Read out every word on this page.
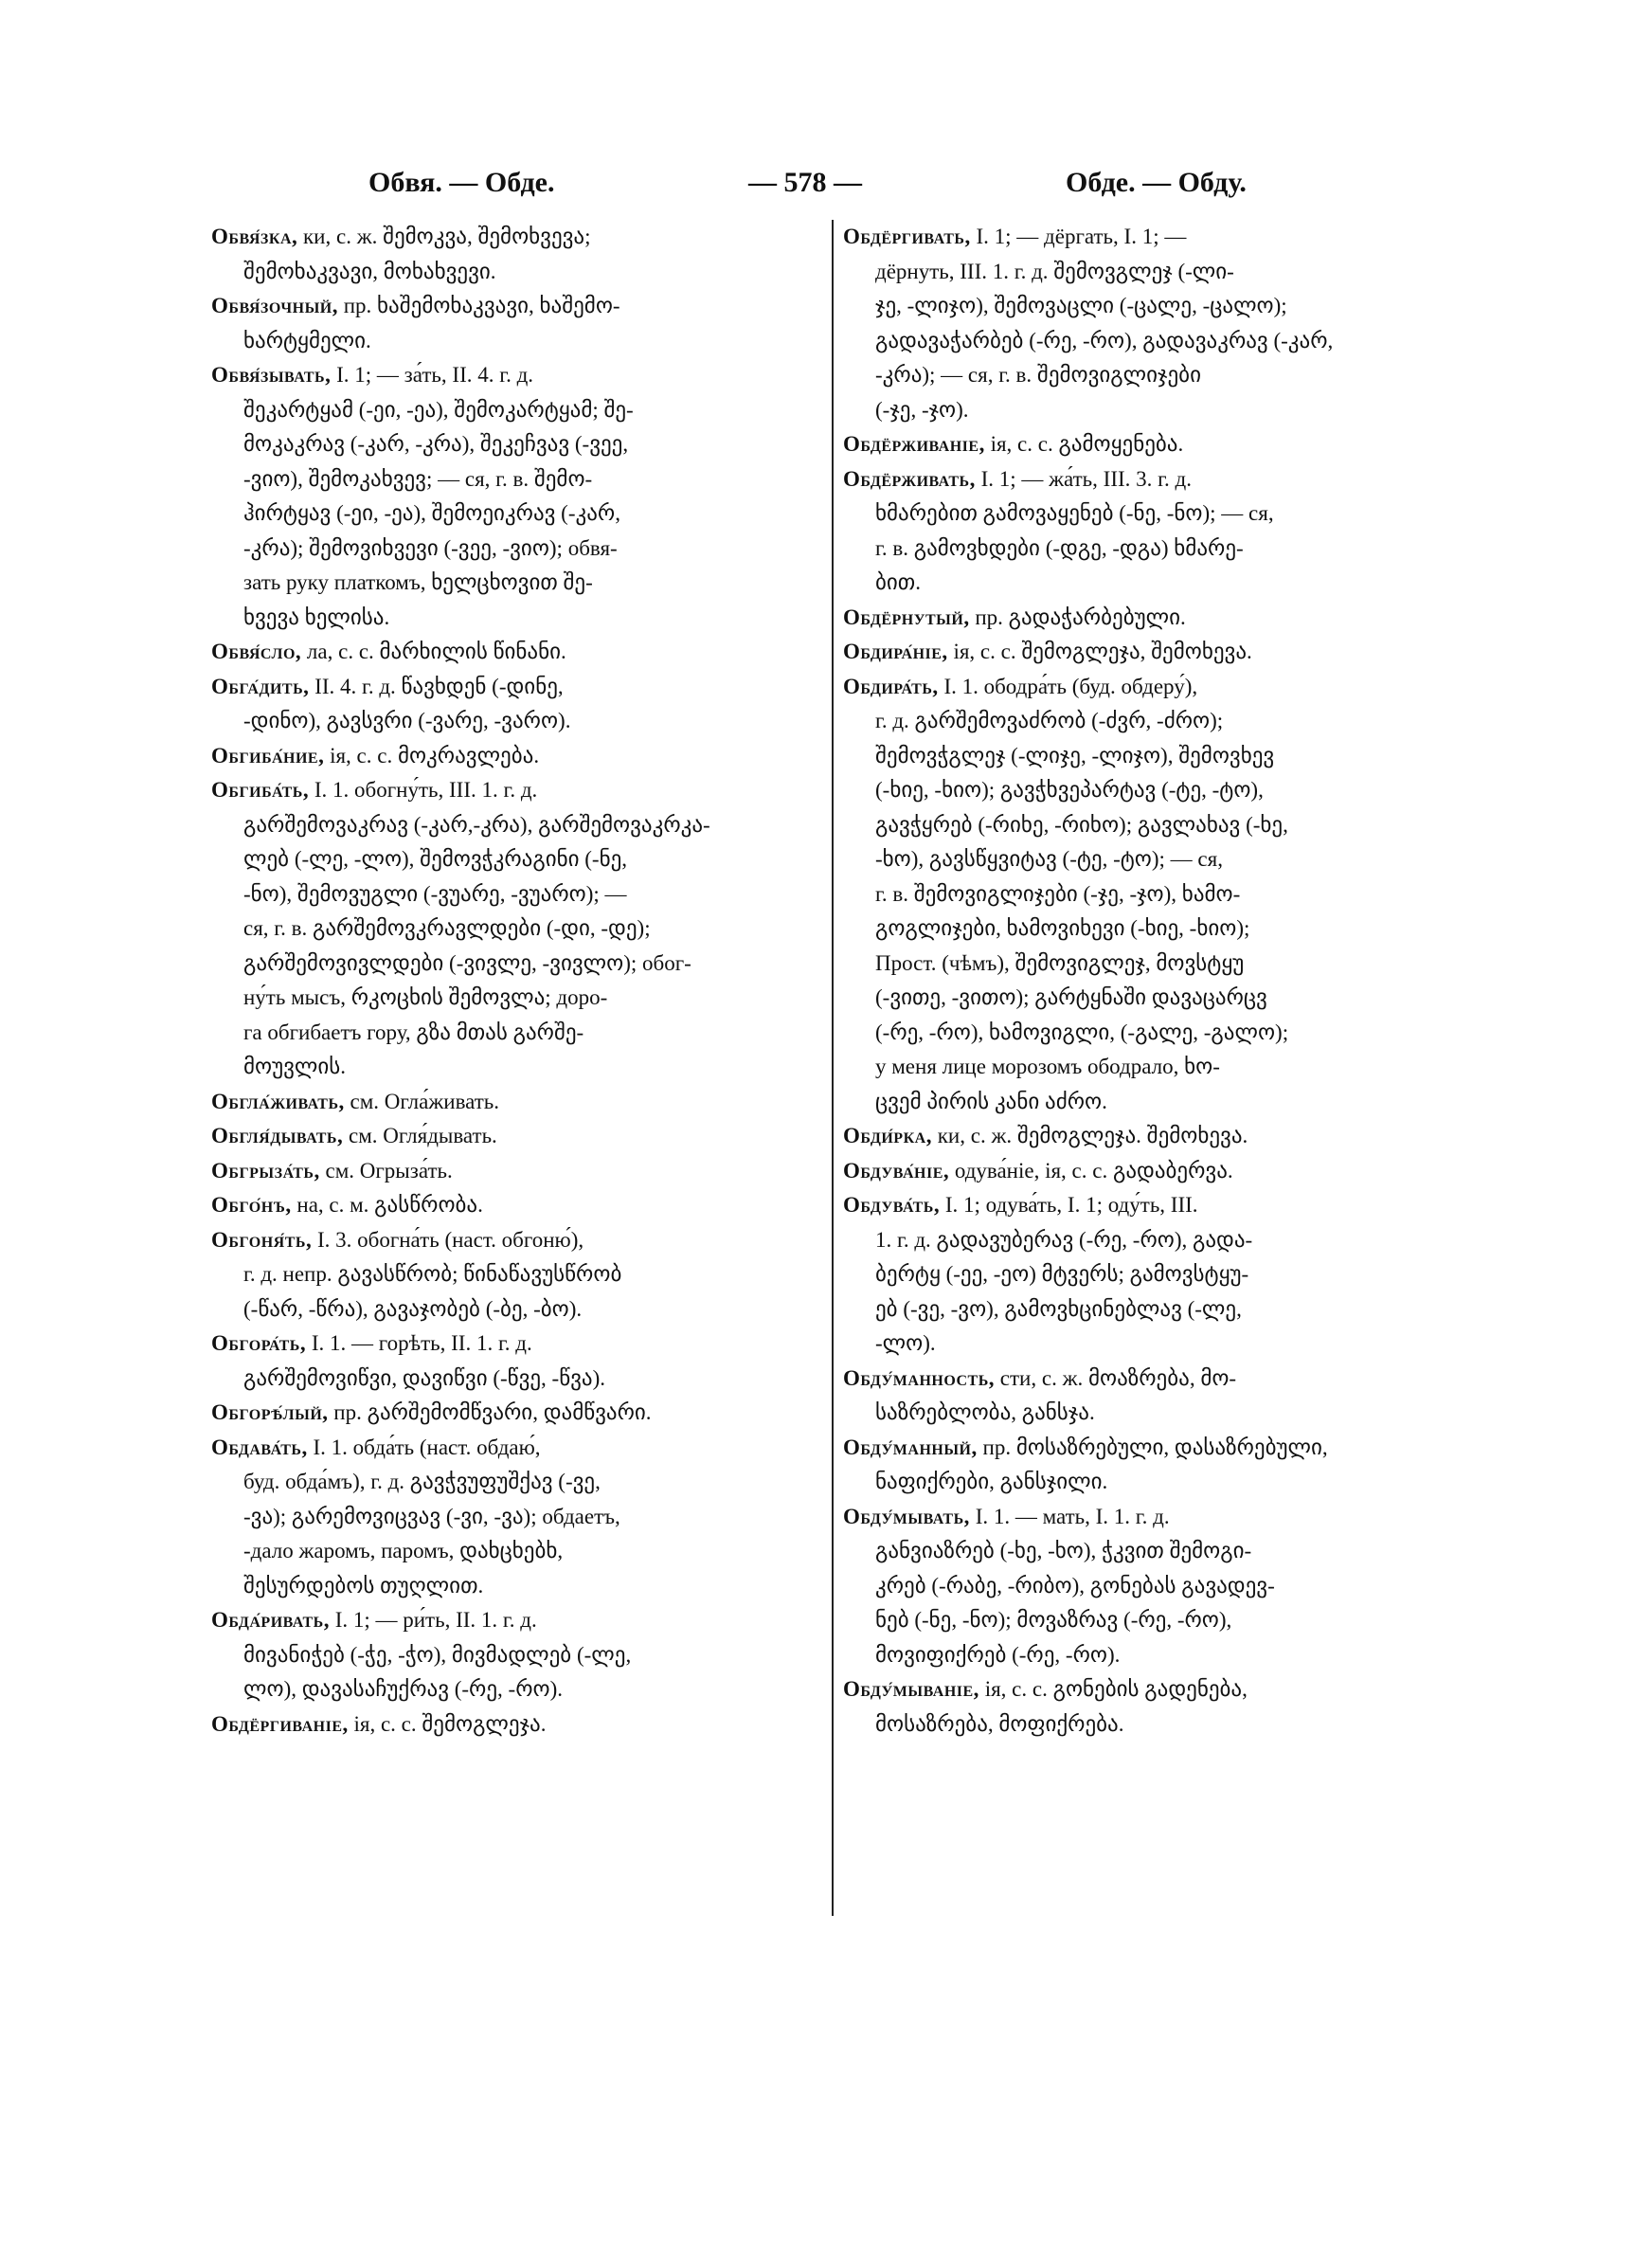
Обвя. — Обде.	— 578 —	Обде. — Обду.

Обвя́зка, ки, с. ж. შემოკვა, შემოხვევა;
შემოხაკვავი, მოხახვევი.

Обвя́зочный, пр. ხაშემოხაკვავი, ხაშემო-
ხარტყმელი.

Обвя́зывать, I. 1; — за́ть, II. 4. г. д.
შეკარტყამ (-ეი, -ეა), შემოკარტყამ; შე-
მოკაკრავ (-კარ, -კრა), შეკეჩვავ (-ვეე,
-ვიო), შემოკახვევ; — ся, г. в. შემო-
ჰირტყავ (-ეი, -ეა), შემოეიკრავ (-კარ,
-კრა); შემოვიხვევი (-ვეე, -ვიო); обвя-
зать руку платкомъ, ხელცხოვით შე-
ხვევა ხელისა.

Обвя́сло, ла, с. с. მარხილის წინანი.

Обга́дить, II. 4. г. д. წავხდენ (-დინე,
-დინო), გავსვრი (-ვარე, -ვარო).

Обгиба́ние, ія, с. с. მოკრავლება.

Обгиба́ть, I. 1. обогну́ть, III. 1. г. д.
გარშემოვაკრავ (-კარ,-კრა), გარშემოვაკრკა-
ლებ (-ლე, -ლო), შემოვჭკრაგინი (-ნე,
-ნო), შემოვუგლი (-ვუარე, -ვუარო); —
ся, г. в. გარშემოვკრავლდები (-დი, -დე);
გარშემოვივლდები (-ვივლე, -ვივლო); обог-
ну́ть мысъ, რკოცხის შემოვლა; доро-
га обгибаетъ гору, გზა მთას გარშე-
მოუვლის.

Обгла́живать, см. Огла́живать.

Обгля́дывать, см. Огля́дывать.

Обгрыза́ть, см. Огрыза́ть.

Обго́нъ, на, с. м. გასწრობა.

Обгоня́ть, I. 3. обогна́ть (наст. обгоню́),
г. д. непр. გავასწრობ; წინაწავუსწრობ
(-წარ, -წრა), გავაჯობებ (-ბე, -ბო).

Обгора́ть, I. 1. — горѣть, II. 1. г. д.
გარშემოვიწვი, დავიწვი (-წვე, -წვა).

Обгорѣ́лый, пр. გარშემომწვარი, დამწვარი.

Обдава́ть, I. 1. обда́ть (наст. обдаю́,
буд. обда́мъ), г. д. გავჭვუფუშქავ (-ვე,
-ვა); გარემოვიცვავ (-ვი, -ვა); обдаетъ,
-дало жаромъ, паромъ, დახცხებხ,
შესურდებოს თუღლით.

Обда́ривать, I. 1; — ри́ть, II. 1. г. д.
მივანიჭებ (-ჭე, -ჭო), მივმადლებ (-ლე,
ლო), დავასაჩუქრავ (-რე, -რო).

Обдёргиванiе, ія, с. с. შემოგლეჯა.

Обдёргивать, I. 1; — дёргать, I. 1; —
дёрнуть, III. 1. г. д. შემოვგლეჯ (-ლი-
ჯე, -ლიჯო), შემოვაცლი (-ცალე, -ცალო);
გადავაჭარბებ (-რე, -რო), გადავაკრავ (-კარ,
-კრა); — ся, г. в. შემოვიგლიჯები
(-ჯე, -ჯო).

Обдёрживанiе, ія, с. с. გამოყენება.

Обдёрживать, I. 1; — жа́ть, III. 3. г. д.
ხმარებით გამოვაყენებ (-ნე, -ნო); — ся,
г. в. გამოვხდები (-დგე, -დგა) ხმარე-
ბით.

Обдёрнутый, пр. გადაჭარბებული.

Обдира́нiе, ія, с. с. შემოგლეჯა, შემოხევა.

Обдира́ть, I. 1. ободра́ть (буд. обдеру́),
г. д. გარშემოვაძრობ (-ძვრ, -ძრო);
შემოვჭგლეჯ (-ლიჯე, -ლიჯო), შემოვხევ
(-ხიე, -ხიო); გავჭხვეპარტავ (-ტე, -ტო),
გავჭყრებ (-რიხე, -რიხო); გავლახავ (-ხე,
-ხო), გავსწყვიტავ (-ტე, -ტო); — ся,
г. в. შემოვიგლიჯები (-ჯე, -ჯო), ხამო-
გოგლიჯები, ხამოვიხევი (-ხიე, -ხიო);
Прост. (чѣмъ), შემოვიგლეჯ, მოვსტყუ
(-ვითე, -ვითო); გარტყნაში დავაცარცვ
(-რე, -რო), ხამოვიგლი, (-გალე, -გალო);
у меня лице морозомъ ободрало, ხო-
ცვემ პირის კანი აძრო.

Обди́рка, ки, с. ж. შემოგლეჯა. შემოხევა.

Обдува́нiе, одува́нiе, ія, с. с. გადაბერვა.

Обдува́ть, I. 1; одува́ть, I. 1; оду́ть, III.
1. г. д. გადავუბერავ (-რე, -რო), გადა-
ბერტყ (-ეე, -ეო) მტვერს; გამოვსტყუ-
ებ (-ვე, -ვო), გამოვხცინებლავ (-ლე,
-ლო).

Обду́манность, сти, с. ж. მოაზრება, მო-
საზრებლობა, განსჯა.

Обду́манный, пр. მოსაზრებული, დასაზრებული,
ნაფიქრები, განსჯილი.

Обду́мывать, I. 1. — мать, I. 1. г. д.
განვიაზრებ (-ხე, -ხო), ჭკვით შემოგი-
კრებ (-რაბე, -რიბო), გონებას გავადევ-
ნებ (-ნე, -ნო); მოვაზრავ (-რე, -რო),
მოვიფიქრებ (-რე, -რო).

Обду́мыванiе, ія, с. с. გონების გადენება,
მოსაზრება, მოფიქრება.
